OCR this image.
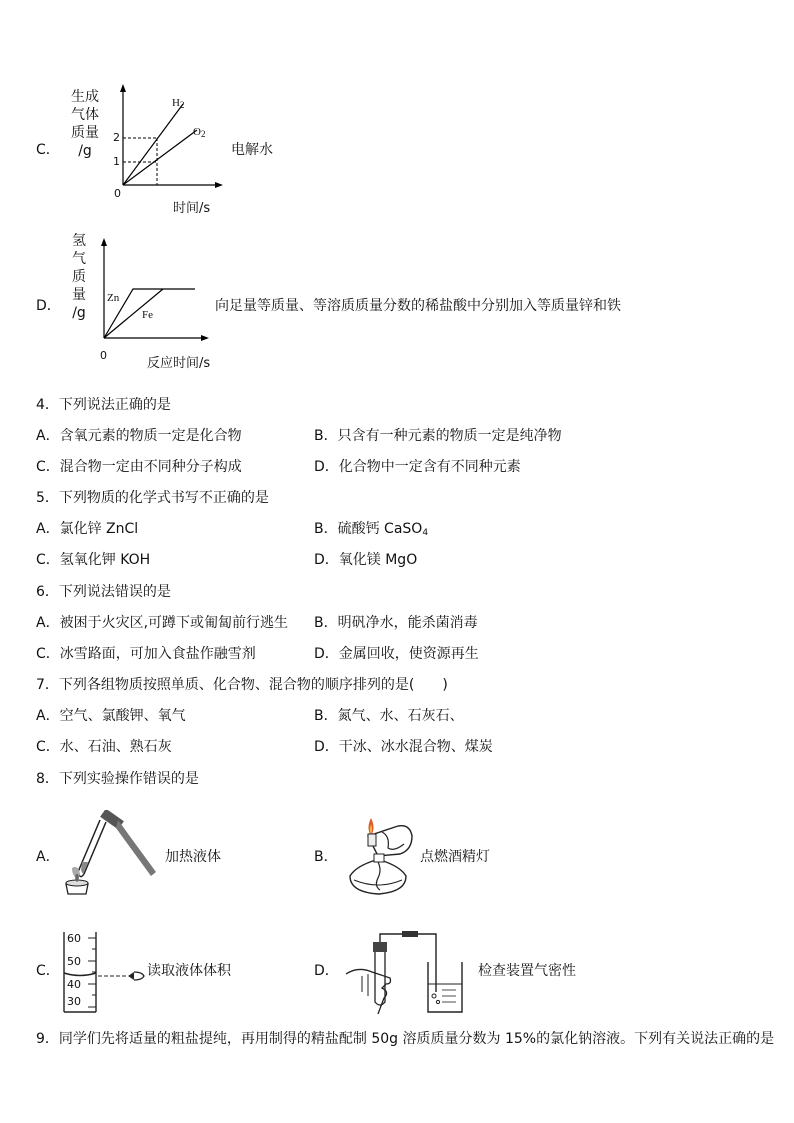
C．
生成
气体
质量
/g
2
1
0
$H_2$
$O_2$
时间/s
电解水
D．
氢
气
质
量
/g
Zn
Fe
0
反应时间/s
向足量等质量、等溶质质量分数的稀盐酸中分别加入等质量锌和铁
4．下列说法正确的是
A．含氧元素的物质一定是化合物	B．只含有一种元素的物质一定是纯净物
C．混合物一定由不同种分子构成	D．化合物中一定含有不同种元素
5．下列物质的化学式书写不正确的是
A．氯化锌 ZnCl	B．硫酸钙 CaSO$_4$
C．氢氧化钾 KOH	D．氧化镁 MgO
6．下列说法错误的是
A．被困于火灾区,可蹲下或匍匐前行逃生 B．明矾净水，能杀菌消毒
C．冰雪路面，可加入食盐作融雪剂	D．金属回收，使资源再生
7．下列各组物质按照单质、化合物、混合物的顺序排列的是(　　)
A．空气、氯酸钾、氧气	B．氮气、水、石灰石、
C．水、石油、熟石灰	D．干冰、冰水混合物、煤炭
8．下列实验操作错误的是
A．	加热液体	B．	点燃酒精灯
C．
60
50
40
30
读取液体体积	D．	检查装置气密性
9．同学们先将适量的粗盐提纯，再用制得的精盐配制 50g 溶质质量分数为 15%的氯化钠溶液。下列有关说法正确的是
